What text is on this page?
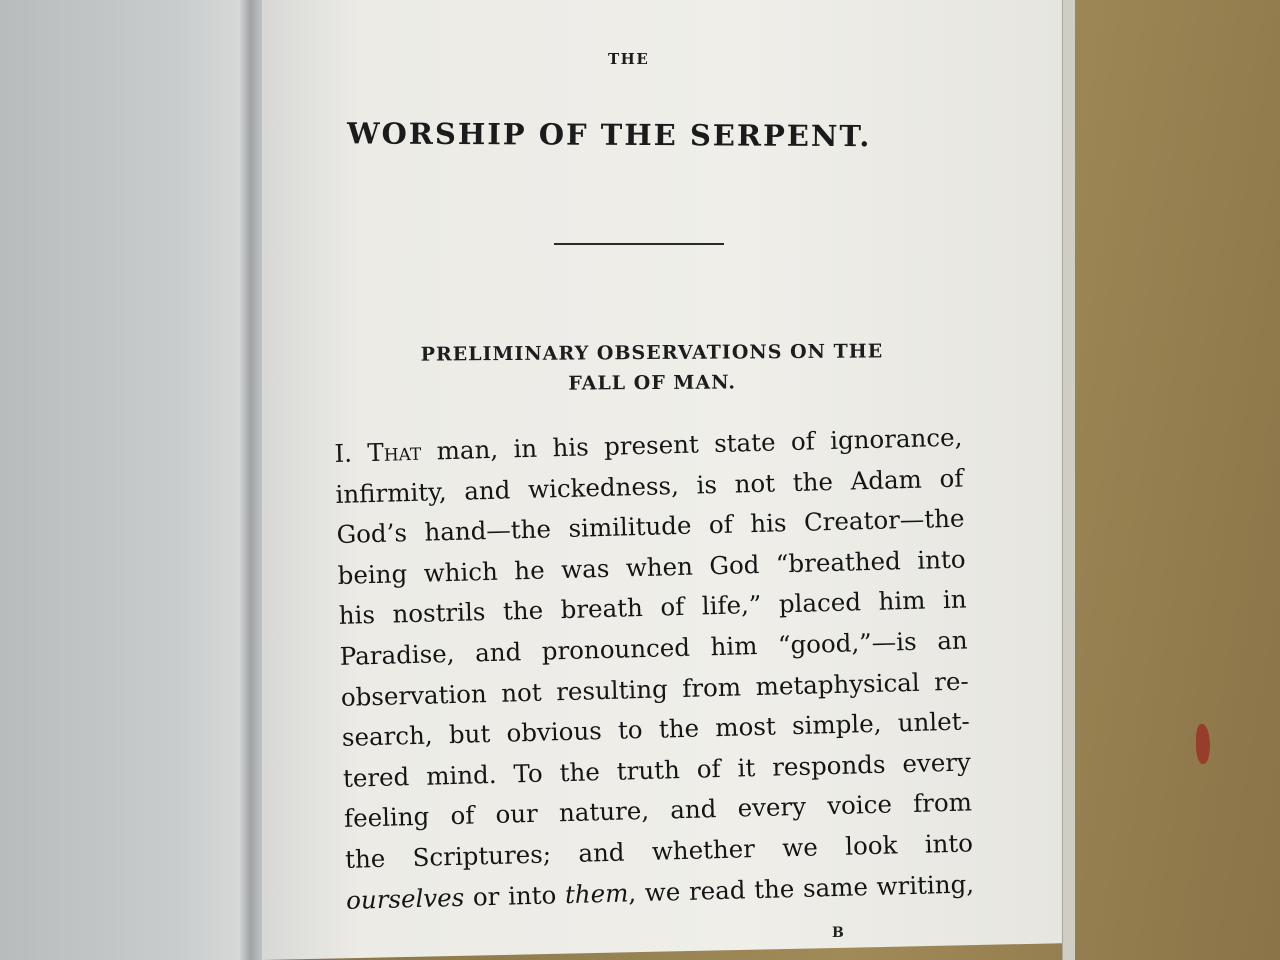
THE
WORSHIP OF THE SERPENT.
PRELIMINARY OBSERVATIONS ON THE
FALL OF MAN.
I. That man, in his present state of ignorance,
infirmity, and wickedness, is not the Adam of
God’s hand—the similitude of his Creator—the
being which he was when God “breathed into
his nostrils the breath of life,” placed him in
Paradise, and pronounced him “good,”—is an
observation not resulting from metaphysical re-
search, but obvious to the most simple, unlet-
tered mind. To the truth of it responds every
feeling of our nature, and every voice from
the Scriptures; and whether we look into
ourselves or into them, we read the same writing,
B
